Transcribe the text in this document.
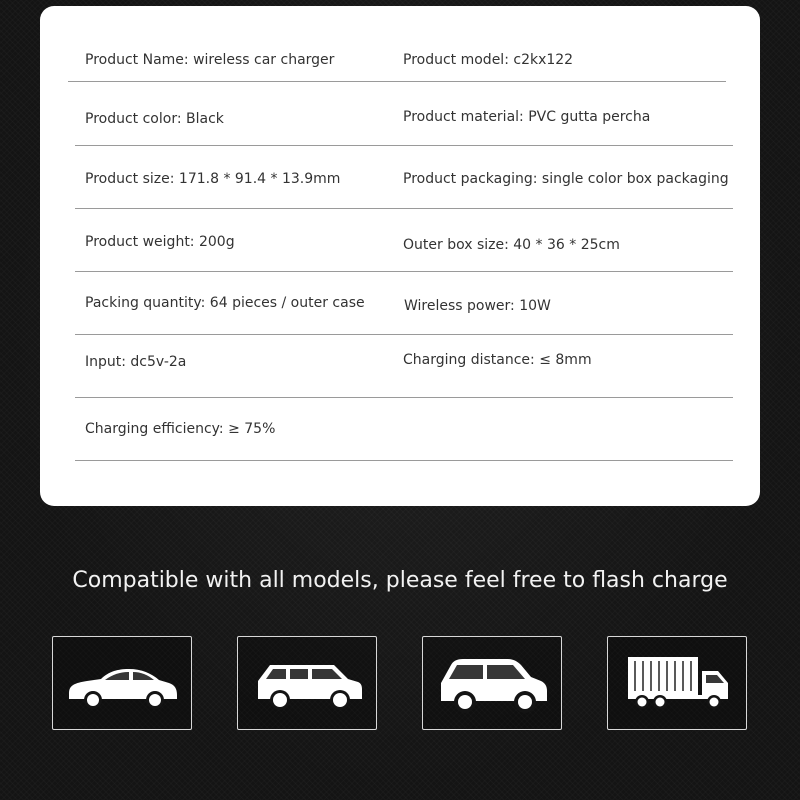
Product Name: wireless car charger	Product model: c2kx122
Product color: Black	Product material: PVC gutta percha
Product size: 171.8 * 91.4 * 13.9mm	Product packaging: single color box packaging
Product weight: 200g	Outer box size: 40 * 36 * 25cm
Packing quantity: 64 pieces / outer case	Wireless power: 10W
Input: dc5v-2a	Charging distance: ≤ 8mm
Charging efficiency: ≥ 75%
Compatible with all models, please feel free to flash charge
